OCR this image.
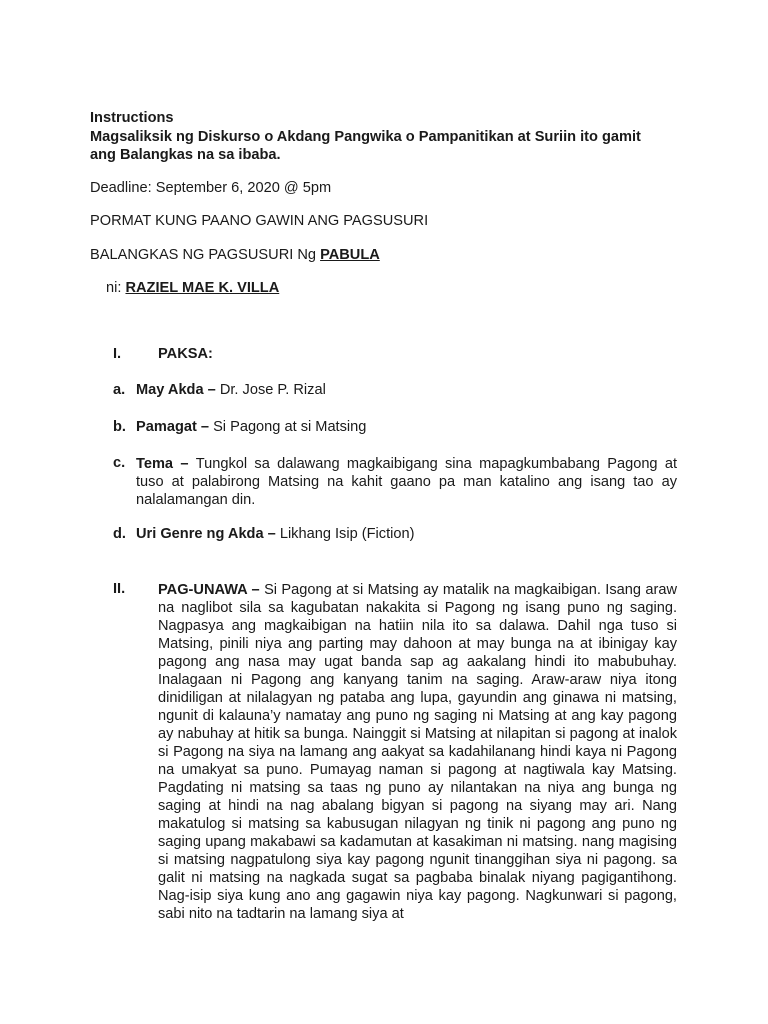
Instructions
Magsaliksik ng Diskurso o Akdang Pangwika o Pampanitikan at Suriin ito gamit ang Balangkas na sa ibaba.
Deadline: September 6, 2020 @ 5pm
PORMAT KUNG PAANO GAWIN ANG PAGSUSURI
BALANGKAS NG PAGSUSURI Ng PABULA
ni: RAZIEL MAE K. VILLA
I.	PAKSA:
a. May Akda – Dr. Jose P. Rizal
b. Pamagat – Si Pagong at si Matsing
c. Tema – Tungkol sa dalawang magkaibigang sina mapagkumbabang Pagong at tuso at palabirong Matsing na kahit gaano pa man katalino ang isang tao ay nalalamangan din.
d. Uri Genre ng Akda – Likhang Isip (Fiction)
II. PAG-UNAWA – Si Pagong at si Matsing ay matalik na magkaibigan. Isang araw na naglibot sila sa kagubatan nakakita si Pagong ng isang puno ng saging. Nagpasya ang magkaibigan na hatiin nila ito sa dalawa. Dahil nga tuso si Matsing, pinili niya ang parting may dahoon at may bunga na at ibinigay kay pagong ang nasa may ugat banda sap ag aakalang hindi ito mabubuhay. Inalagaan ni Pagong ang kanyang tanim na saging. Araw-araw niya itong dinidiligan at nilalagyan ng pataba ang lupa, gayundin ang ginawa ni matsing, ngunit di kalauna’y namatay ang puno ng saging ni Matsing at ang kay pagong ay nabuhay at hitik sa bunga. Nainggit si Matsing at nilapitan si pagong at inalok si Pagong na siya na lamang ang aakyat sa kadahilanang hindi kaya ni Pagong na umakyat sa puno. Pumayag naman si pagong at nagtiwala kay Matsing. Pagdating ni matsing sa taas ng puno ay nilantakan na niya ang bunga ng saging at hindi na nag abalang bigyan si pagong na siyang may ari. Nang makatulog si matsing sa kabusugan nilagyan ng tinik ni pagong ang puno ng saging upang makabawi sa kadamutan at kasakiman ni matsing. nang magising si matsing nagpatulong siya kay pagong ngunit tinanggihan siya ni pagong. sa galit ni matsing na nagkada sugat sa pagbaba binalak niyang pagigantihong. Nag-isip siya kung ano ang gagawin niya kay pagong. Nagkunwari si pagong, sabi nito na tadtarin na lamang siya at
